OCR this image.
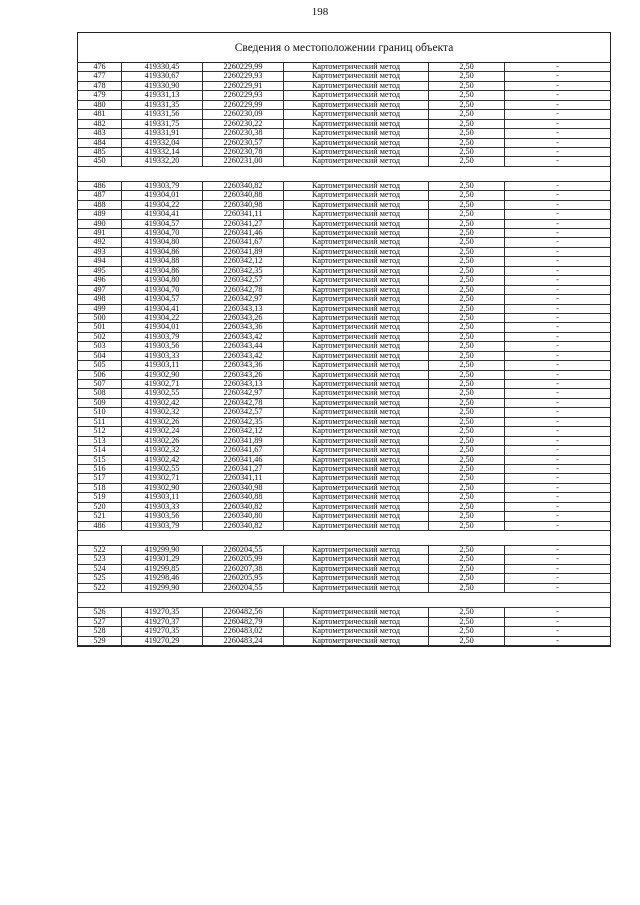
198
Сведения о местоположении границ объекта
476	419330,45	2260229,99	Картометрический метод	2,50	-
477	419330,67	2260229,93	Картометрический метод	2,50	-
478	419330,90	2260229,91	Картометрический метод	2,50	-
479	419331,13	2260229,93	Картометрический метод	2,50	-
480	419331,35	2260229,99	Картометрический метод	2,50	-
481	419331,56	2260230,09	Картометрический метод	2,50	-
482	419331,75	2260230,22	Картометрический метод	2,50	-
483	419331,91	2260230,38	Картометрический метод	2,50	-
484	419332,04	2260230,57	Картометрический метод	2,50	-
485	419332,14	2260230,78	Картометрический метод	2,50	-
450	419332,20	2260231,00	Картометрический метод	2,50	-
486	419303,79	2260340,82	Картометрический метод	2,50	-
487	419304,01	2260340,88	Картометрический метод	2,50	-
488	419304,22	2260340,98	Картометрический метод	2,50	-
489	419304,41	2260341,11	Картометрический метод	2,50	-
490	419304,57	2260341,27	Картометрический метод	2,50	-
491	419304,70	2260341,46	Картометрический метод	2,50	-
492	419304,80	2260341,67	Картометрический метод	2,50	-
493	419304,86	2260341,89	Картометрический метод	2,50	-
494	419304,88	2260342,12	Картометрический метод	2,50	-
495	419304,86	2260342,35	Картометрический метод	2,50	-
496	419304,80	2260342,57	Картометрический метод	2,50	-
497	419304,70	2260342,78	Картометрический метод	2,50	-
498	419304,57	2260342,97	Картометрический метод	2,50	-
499	419304,41	2260343,13	Картометрический метод	2,50	-
500	419304,22	2260343,26	Картометрический метод	2,50	-
501	419304,01	2260343,36	Картометрический метод	2,50	-
502	419303,79	2260343,42	Картометрический метод	2,50	-
503	419303,56	2260343,44	Картометрический метод	2,50	-
504	419303,33	2260343,42	Картометрический метод	2,50	-
505	419303,11	2260343,36	Картометрический метод	2,50	-
506	419302,90	2260343,26	Картометрический метод	2,50	-
507	419302,71	2260343,13	Картометрический метод	2,50	-
508	419302,55	2260342,97	Картометрический метод	2,50	-
509	419302,42	2260342,78	Картометрический метод	2,50	-
510	419302,32	2260342,57	Картометрический метод	2,50	-
511	419302,26	2260342,35	Картометрический метод	2,50	-
512	419302,24	2260342,12	Картометрический метод	2,50	-
513	419302,26	2260341,89	Картометрический метод	2,50	-
514	419302,32	2260341,67	Картометрический метод	2,50	-
515	419302,42	2260341,46	Картометрический метод	2,50	-
516	419302,55	2260341,27	Картометрический метод	2,50	-
517	419302,71	2260341,11	Картометрический метод	2,50	-
518	419302,90	2260340,98	Картометрический метод	2,50	-
519	419303,11	2260340,88	Картометрический метод	2,50	-
520	419303,33	2260340,82	Картометрический метод	2,50	-
521	419303,56	2260340,80	Картометрический метод	2,50	-
486	419303,79	2260340,82	Картометрический метод	2,50	-
522	419299,90	2260204,55	Картометрический метод	2,50	-
523	419301,29	2260205,99	Картометрический метод	2,50	-
524	419299,85	2260207,38	Картометрический метод	2,50	-
525	419298,46	2260205,95	Картометрический метод	2,50	-
522	419299,90	2260204,55	Картометрический метод	2,50	-
526	419270,35	2260482,56	Картометрический метод	2,50	-
527	419270,37	2260482,79	Картометрический метод	2,50	-
528	419270,35	2260483,02	Картометрический метод	2,50	-
529	419270,29	2260483,24	Картометрический метод	2,50	-
